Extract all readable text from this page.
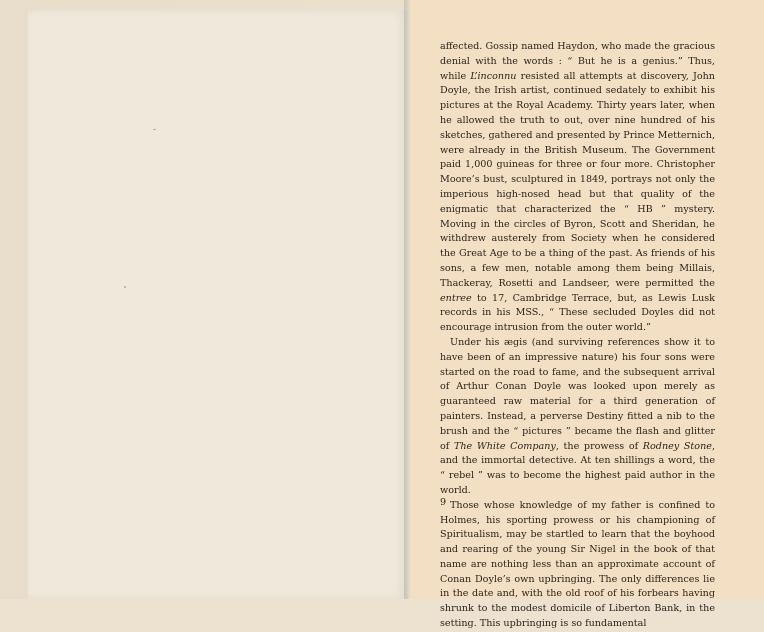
affected. Gossip named Haydon, who made the gracious denial with the words : “ But he is a genius.” Thus, while L’inconnu resisted all attempts at discovery, John Doyle, the Irish artist, continued sedately to exhibit his pictures at the Royal Academy. Thirty years later, when he allowed the truth to out, over nine hundred of his sketches, gathered and presented by Prince Metternich, were already in the British Museum. The Government paid 1,000 guineas for three or four more. Christopher Moore’s bust, sculptured in 1849, portrays not only the imperious high-nosed head but that quality of the enigmatic that characterized the “ HB ” mystery. Moving in the circles of Byron, Scott and Sheridan, he withdrew austerely from Society when he considered the Great Age to be a thing of the past. As friends of his sons, a few men, notable among them being Millais, Thackeray, Rosetti and Landseer, were permitted the entree to 17, Cambridge Terrace, but, as Lewis Lusk records in his MSS., “ These secluded Doyles did not encourage intrusion from the outer world.”

Under his ægis (and surviving references show it to have been of an impressive nature) his four sons were started on the road to fame, and the subsequent arrival of Arthur Conan Doyle was looked upon merely as guaranteed raw material for a third generation of painters. Instead, a perverse Destiny fitted a nib to the brush and the “ pictures ” became the flash and glitter of The White Company, the prowess of Rodney Stone, and the immortal detective. At ten shillings a word, the “ rebel ” was to become the highest paid author in the world.

Those whose knowledge of my father is confined to Holmes, his sporting prowess or his championing of Spiritualism, may be startled to learn that the boyhood and rearing of the young Sir Nigel in the book of that name are nothing less than an approximate account of Conan Doyle’s own upbringing. The only differences lie in the date and, with the old roof of his forbears having shrunk to the modest domicile of Liberton Bank, in the setting. This upbringing is so fundamental

9
